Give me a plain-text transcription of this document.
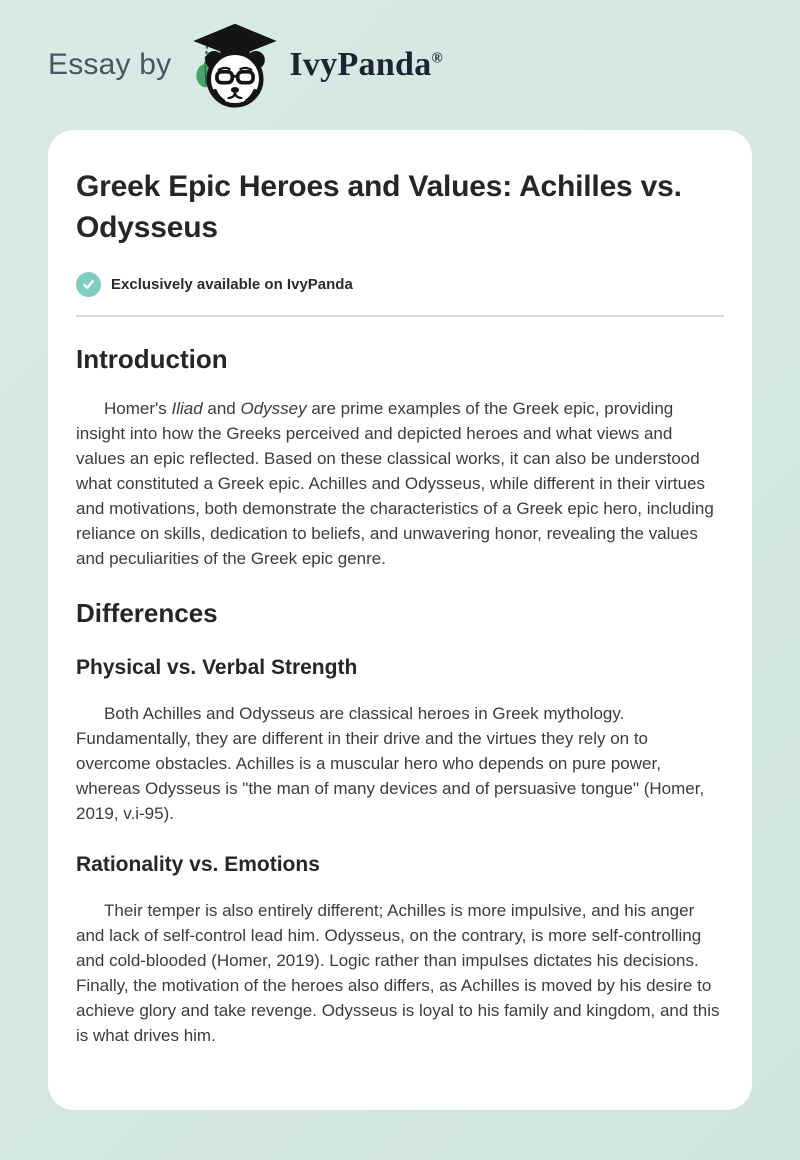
Essay by	IvyPanda®
Greek Epic Heroes and Values: Achilles vs. Odysseus
Exclusively available on IvyPanda
Introduction

Homer's Iliad and Odyssey are prime examples of the Greek epic, providing insight into how the Greeks perceived and depicted heroes and what views and values an epic reflected. Based on these classical works, it can also be understood what constituted a Greek epic. Achilles and Odysseus, while different in their virtues and motivations, both demonstrate the characteristics of a Greek epic hero, including reliance on skills, dedication to beliefs, and unwavering honor, revealing the values and peculiarities of the Greek epic genre.

Differences
Physical vs. Verbal Strength

Both Achilles and Odysseus are classical heroes in Greek mythology. Fundamentally, they are different in their drive and the virtues they rely on to overcome obstacles. Achilles is a muscular hero who depends on pure power, whereas Odysseus is "the man of many devices and of persuasive tongue" (Homer, 2019, v.i-95).

Rationality vs. Emotions

Their temper is also entirely different; Achilles is more impulsive, and his anger and lack of self-control lead him. Odysseus, on the contrary, is more self-controlling and cold-blooded (Homer, 2019). Logic rather than impulses dictates his decisions. Finally, the motivation of the heroes also differs, as Achilles is moved by his desire to achieve glory and take revenge. Odysseus is loyal to his family and kingdom, and this is what drives him.
